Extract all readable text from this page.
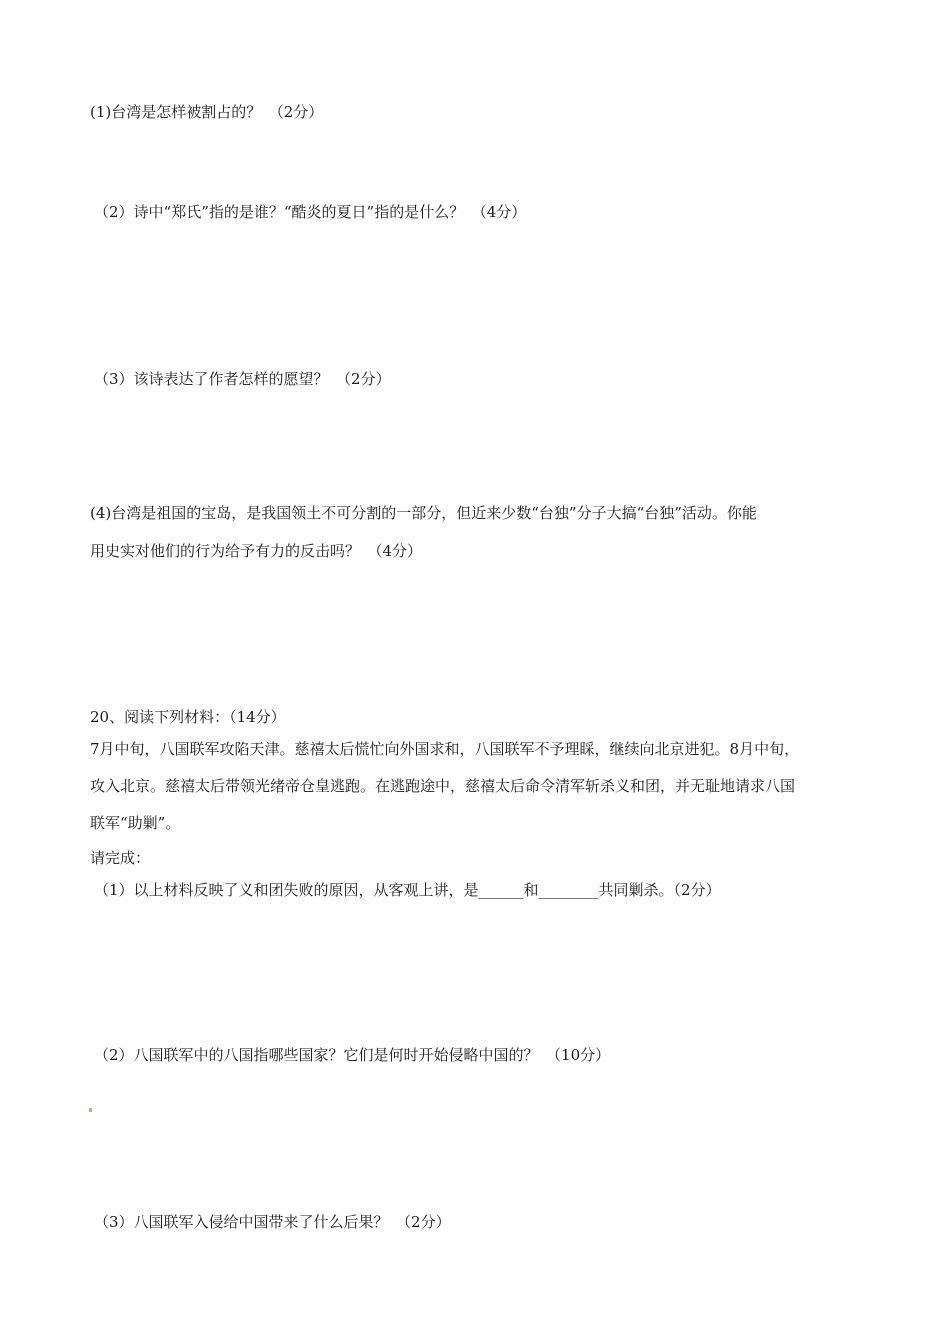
(1)台湾是怎样被割占的？　（2分）
（2）诗中“郑氏”指的是谁？“酷炎的夏日”指的是什么？　（4分）
（3）该诗表达了作者怎样的愿望？　（2分）
(4)台湾是祖国的宝岛，是我国领土不可分割的一部分，但近来少数“台独”分子大搞“台独”活动。你能
用史实对他们的行为给予有力的反击吗？　（4分）
20、阅读下列材料：（14分）
7月中旬，八国联军攻陷天津。慈禧太后慌忙向外国求和，八国联军不予理睬，继续向北京进犯。8月中旬，
攻入北京。慈禧太后带领光绪帝仓皇逃跑。在逃跑途中，慈禧太后命令清军斩杀义和团，并无耻地请求八国
联军“助剿”。
请完成：
（1）以上材料反映了义和团失败的原因，从客观上讲，是______和________共同剿杀。（2分）
（2）八国联军中的八国指哪些国家？它们是何时开始侵略中国的？　（10分）
（3）八国联军入侵给中国带来了什么后果？　（2分）
